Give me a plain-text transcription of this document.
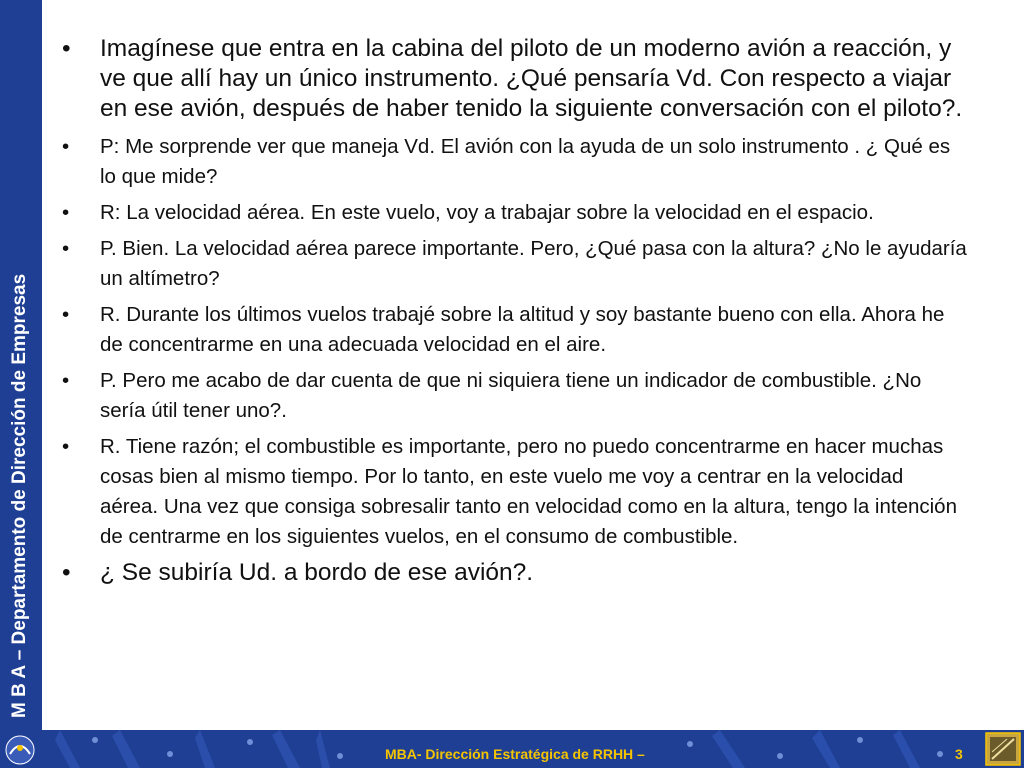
M B A – Departamento de Dirección de Empresas

•	Imagínese que entra en la cabina del piloto de un moderno avión a reacción, y ve que allí hay un único instrumento. ¿Qué pensaría Vd. Con respecto a viajar en ese avión, después de haber tenido la siguiente conversación con el piloto?.

•	P: Me sorprende ver que maneja Vd. El avión con la ayuda de un solo instrumento . ¿ Qué es lo que mide?

•	R: La velocidad aérea. En este vuelo, voy a trabajar sobre la velocidad en el espacio.

•	P. Bien. La velocidad aérea parece importante. Pero, ¿Qué pasa con la altura? ¿No le ayudaría un altímetro?

•	R. Durante los últimos vuelos trabajé sobre la altitud y soy bastante bueno con ella. Ahora he de concentrarme en una adecuada velocidad en el aire.

•	P. Pero me acabo de dar cuenta de que ni siquiera tiene un indicador de combustible. ¿No sería útil tener uno?.

•	R. Tiene razón; el combustible es importante, pero no puedo concentrarme en hacer muchas cosas bien al mismo tiempo. Por lo tanto, en este vuelo me voy a centrar en la velocidad aérea. Una vez que consiga sobresalir tanto en velocidad como en la altura, tengo la intención de centrarme en los siguientes vuelos, en el consumo de combustible.

•	¿ Se subiría Ud. a bordo de ese avión?.

MBA- Dirección Estratégica de RRHH –	3
